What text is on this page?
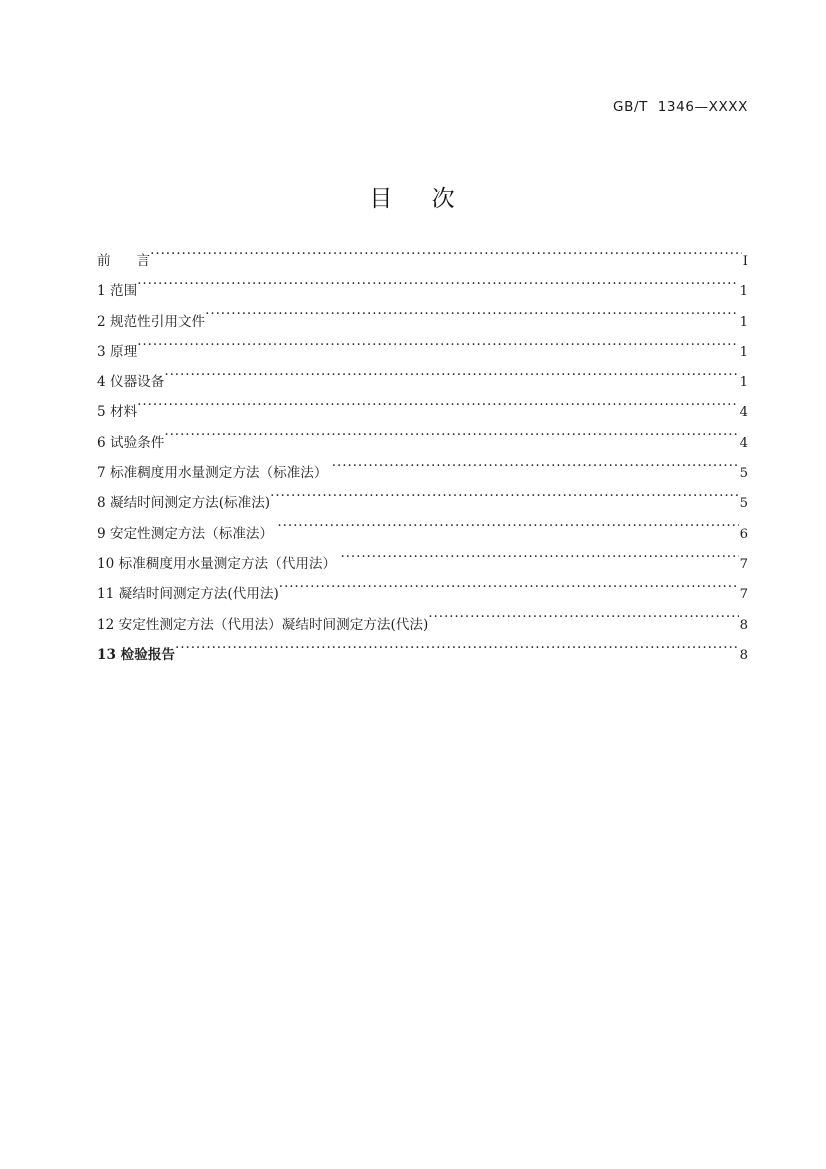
GB/T  1346—XXXX
目    次
前      言 .....	I
1 范围 .....	1
2 规范性引用文件 .....	1
3 原理 .....	1
4 仪器设备 .....	1
5 材料 .....	4
6 试验条件 .....	4
7 标准稠度用水量测定方法（标准法） .....	5
8 凝结时间测定方法(标准法) .....	5
9 安定性测定方法（标准法） .....	6
10 标准稠度用水量测定方法（代用法） .....	7
11 凝结时间测定方法(代用法) .....	7
12 安定性测定方法（代用法）凝结时间测定方法(代法) .....	8
13 检验报告 .....	8
